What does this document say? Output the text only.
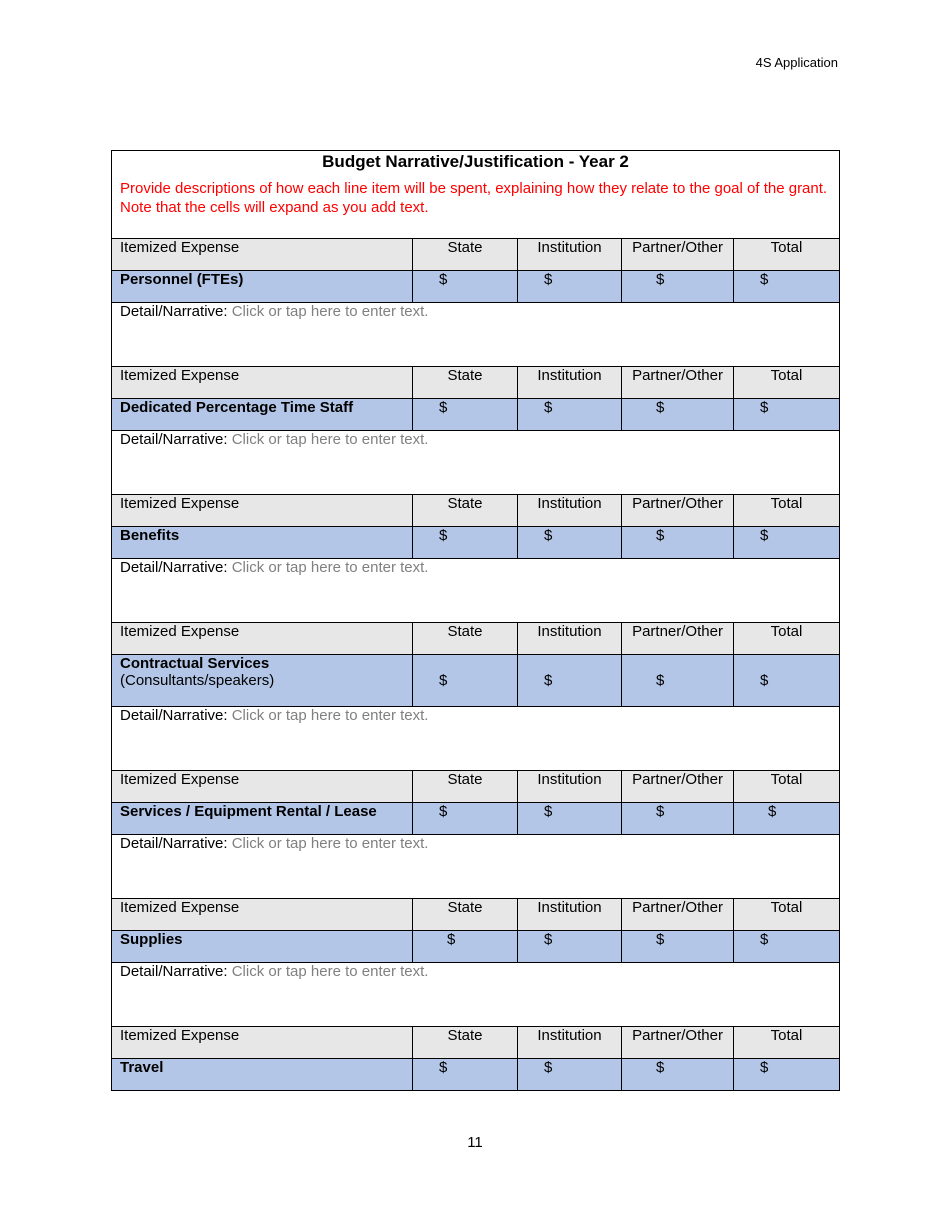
4S Application
Budget Narrative/Justification - Year 2
Provide descriptions of how each line item will be spent, explaining how they relate to the goal of the grant. Note that the cells will expand as you add text.				

Itemized Expense	State	Institution	Partner/Other	Total

Personnel (FTEs)	$	$	$	$

Detail/Narrative: Click or tap here to enter text.				

Itemized Expense	State	Institution	Partner/Other	Total

Dedicated Percentage Time Staff	$	$	$	$

Detail/Narrative: Click or tap here to enter text.				

Itemized Expense	State	Institution	Partner/Other	Total

Benefits	$	$	$	$

Detail/Narrative: Click or tap here to enter text.				

Itemized Expense	State	Institution	Partner/Other	Total

Contractual Services
(Consultants/speakers)	$	$	$	$

Detail/Narrative: Click or tap here to enter text.				

Itemized Expense	State	Institution	Partner/Other	Total

Services / Equipment Rental / Lease	$	$	$	$

Detail/Narrative: Click or tap here to enter text.				

Itemized Expense	State	Institution	Partner/Other	Total

Supplies	$	$	$	$

Detail/Narrative: Click or tap here to enter text.				

Itemized Expense	State	Institution	Partner/Other	Total

Travel	$	$	$	$
11
